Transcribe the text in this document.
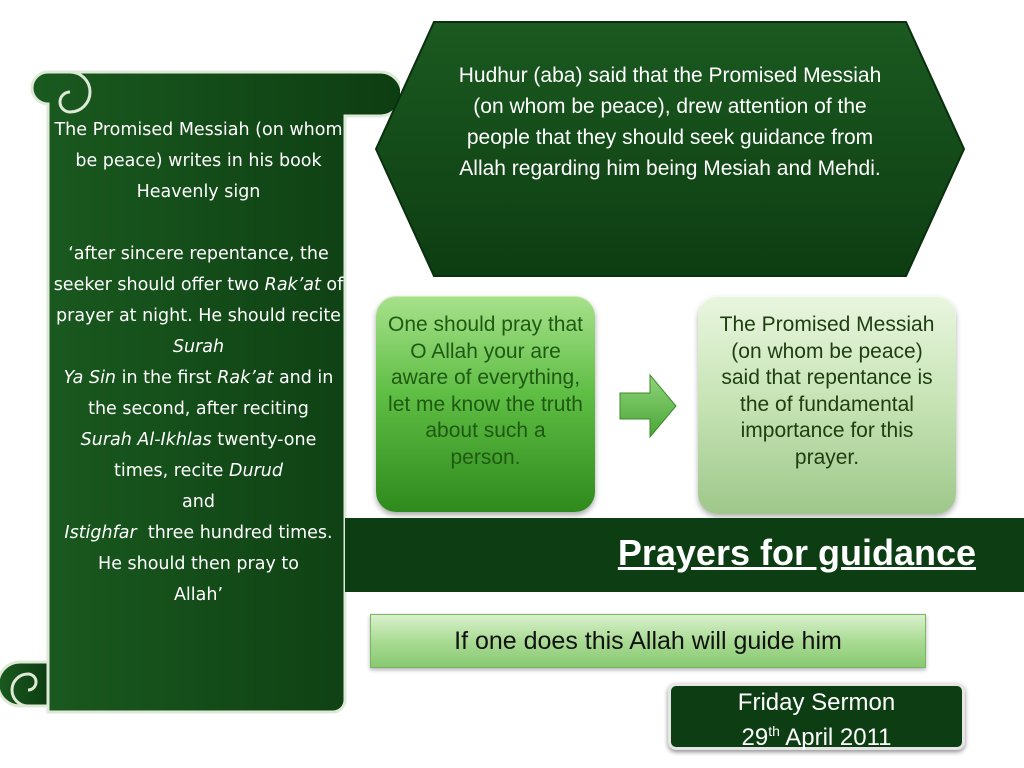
The Promised Messiah (on whom be peace) writes in his book Heavenly sign

‘after sincere repentance, the seeker should offer two Rak’at of prayer at night. He should recite Surah
Ya Sin in the first Rak’at and in the second, after reciting
Surah Al-Ikhlas twenty-one times, recite Durud
and
Istighfar three hundred times. He should then pray to
Allah’

Hudhur (aba) said that the Promised Messiah (on whom be peace), drew attention of the people that they should seek guidance from Allah regarding him being Mesiah and Mehdi.
One should pray that O Allah your are aware of everything, let me know the truth about such a person.
The Promised Messiah (on whom be peace) said that repentance is the of fundamental importance for this prayer.
Prayers for guidance
If one does this Allah will guide him
Friday Sermon
29th April 2011
